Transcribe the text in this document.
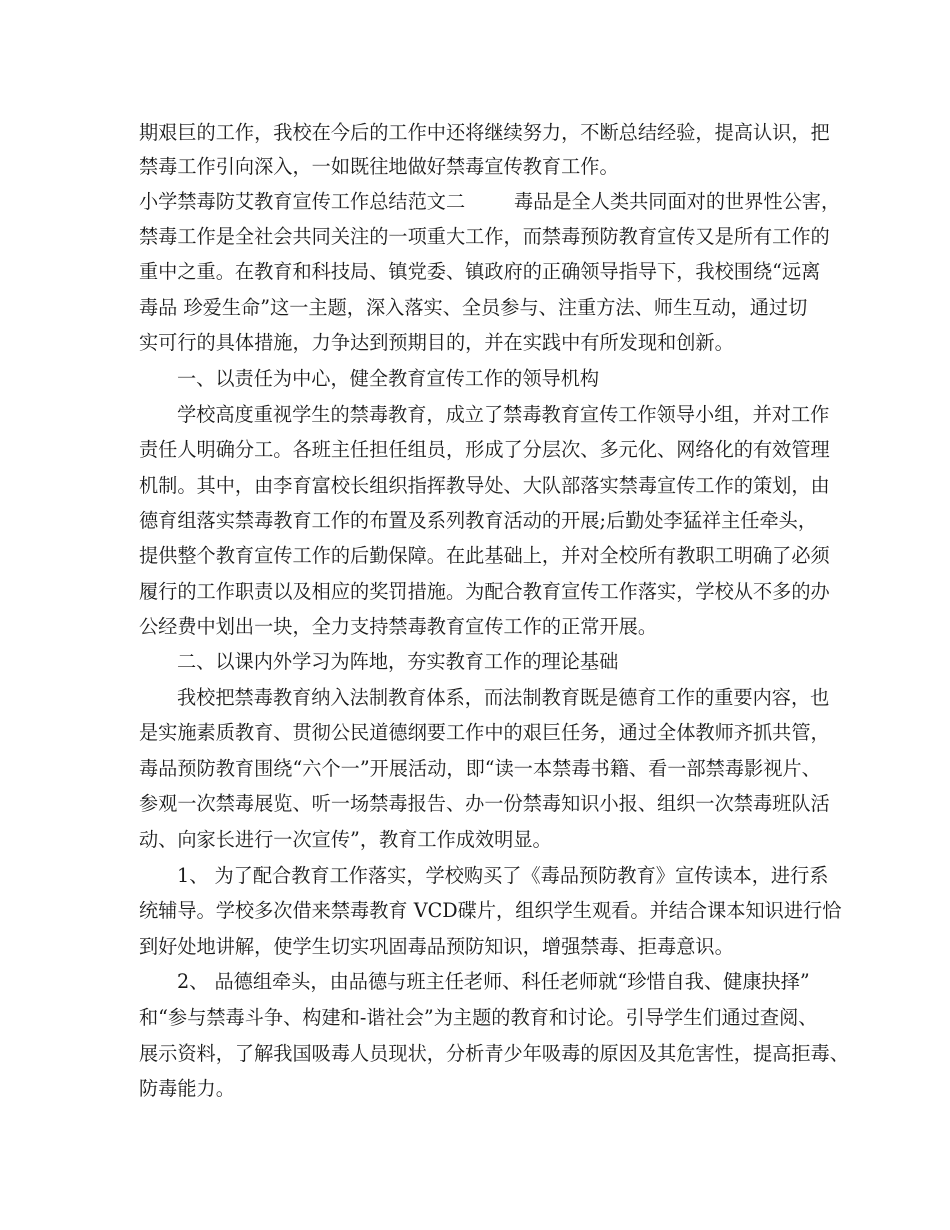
期艰巨的工作，我校在今后的工作中还将继续努力，不断总结经验，提高认识，把

禁毒工作引向深入，一如既往地做好禁毒宣传教育工作。

小学禁毒防艾教育宣传工作总结范文二        毒品是全人类共同面对的世界性公害，

禁毒工作是全社会共同关注的一项重大工作，而禁毒预防教育宣传又是所有工作的

重中之重。在教育和科技局、镇党委、镇政府的正确领导指导下，我校围绕“远离

毒品 珍爱生命”这一主题，深入落实、全员参与、注重方法、师生互动，通过切

实可行的具体措施，力争达到预期目的，并在实践中有所发现和创新。

一、以责任为中心，健全教育宣传工作的领导机构

学校高度重视学生的禁毒教育，成立了禁毒教育宣传工作领导小组，并对工作

责任人明确分工。各班主任担任组员，形成了分层次、多元化、网络化的有效管理

机制。其中，由李育富校长组织指挥教导处、大队部落实禁毒宣传工作的策划，由

德育组落实禁毒教育工作的布置及系列教育活动的开展;后勤处李猛祥主任牵头，

提供整个教育宣传工作的后勤保障。在此基础上，并对全校所有教职工明确了必须

履行的工作职责以及相应的奖罚措施。为配合教育宣传工作落实，学校从不多的办

公经费中划出一块，全力支持禁毒教育宣传工作的正常开展。

二、以课内外学习为阵地，夯实教育工作的理论基础

我校把禁毒教育纳入法制教育体系，而法制教育既是德育工作的重要内容，也

是实施素质教育、贯彻公民道德纲要工作中的艰巨任务，通过全体教师齐抓共管，

毒品预防教育围绕“六个一”开展活动，即“读一本禁毒书籍、看一部禁毒影视片、

参观一次禁毒展览、听一场禁毒报告、办一份禁毒知识小报、组织一次禁毒班队活

动、向家长进行一次宣传”，教育工作成效明显。

1、 为了配合教育工作落实，学校购买了《毒品预防教育》宣传读本，进行系

统辅导。学校多次借来禁毒教育 VCD碟片，组织学生观看。并结合课本知识进行恰

到好处地讲解，使学生切实巩固毒品预防知识，增强禁毒、拒毒意识。

2、 品德组牵头，由品德与班主任老师、科任老师就“珍惜自我、健康抉择”

和“参与禁毒斗争、构建和-谐社会”为主题的教育和讨论。引导学生们通过查阅、

展示资料，了解我国吸毒人员现状，分析青少年吸毒的原因及其危害性，提高拒毒、

防毒能力。
